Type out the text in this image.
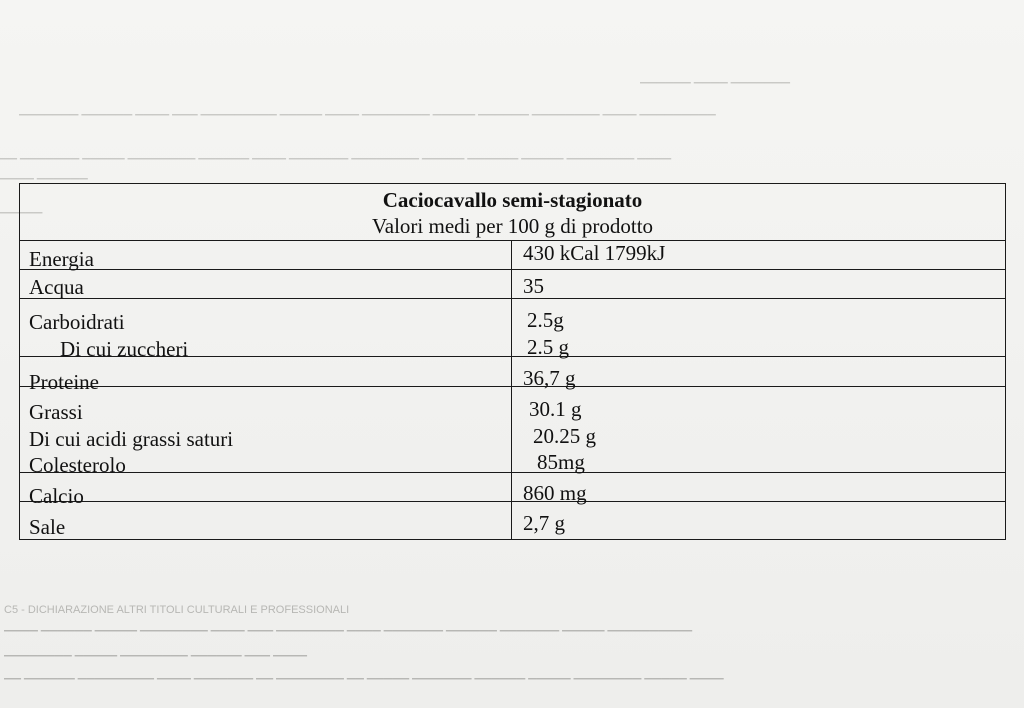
▔▔▔▔▔▔ ▔▔▔▔ ▔▔▔▔▔▔▔
▔▔▔▔▔▔▔ ▔▔▔▔▔▔ ▔▔▔▔ ▔▔▔ ▔▔▔▔▔▔▔▔▔ ▔▔▔▔▔ ▔▔▔▔ ▔▔▔▔▔▔▔▔ ▔▔▔▔▔ ▔▔▔▔▔▔ ▔▔▔▔▔▔▔▔ ▔▔▔▔ ▔▔▔▔▔▔▔▔▔
▔▔ ▔▔▔▔▔▔▔ ▔▔▔▔▔ ▔▔▔▔▔▔▔▔ ▔▔▔▔▔▔ ▔▔▔▔ ▔▔▔▔▔▔▔ ▔▔▔▔▔▔▔▔ ▔▔▔▔▔ ▔▔▔▔▔▔ ▔▔▔▔▔ ▔▔▔▔▔▔▔▔ ▔▔▔▔
▔▔▔▔ ▔▔▔▔▔▔
▔▔▔▔▔
C5 - DICHIARAZIONE ALTRI TITOLI CULTURALI E PROFESSIONALI
▔▔▔▔ ▔▔▔▔▔▔ ▔▔▔▔▔ ▔▔▔▔▔▔▔▔ ▔▔▔▔ ▔▔▔ ▔▔▔▔▔▔▔▔ ▔▔▔▔ ▔▔▔▔▔▔▔ ▔▔▔▔▔▔ ▔▔▔▔▔▔▔ ▔▔▔▔▔ ▔▔▔▔▔▔▔▔▔▔
▔▔▔▔▔▔▔▔ ▔▔▔▔▔ ▔▔▔▔▔▔▔▔ ▔▔▔▔▔▔ ▔▔▔ ▔▔▔▔
▔▔ ▔▔▔▔▔▔ ▔▔▔▔▔▔▔▔▔ ▔▔▔▔ ▔▔▔▔▔▔▔ ▔▔ ▔▔▔▔▔▔▔▔ ▔▔ ▔▔▔▔▔ ▔▔▔▔▔▔▔ ▔▔▔▔▔▔ ▔▔▔▔▔ ▔▔▔▔▔▔▔▔ ▔▔▔▔▔ ▔▔▔▔
Caciocavallo semi-stagionato
Valori medi per 100 g di prodotto
Energia	430 kCal 1799kJ
Acqua	35
Carboidrati	2.5g
Di cui zuccheri	2.5 g
Proteine	36,7 g
Grassi	30.1 g
Di cui acidi grassi saturi	20.25 g
Colesterolo	85mg
Calcio	860 mg
Sale	2,7 g
